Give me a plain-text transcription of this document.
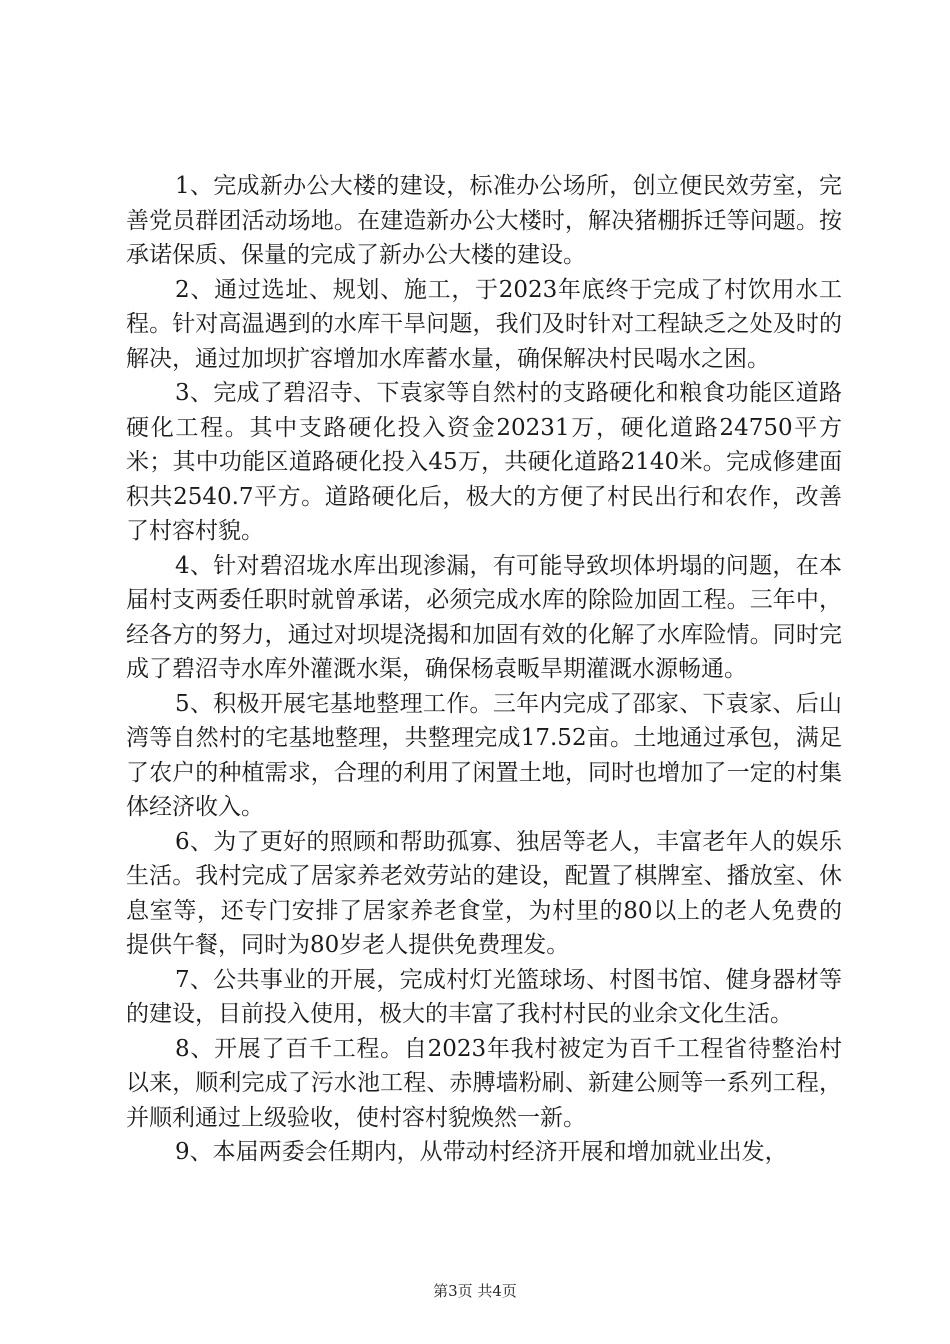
1、完成新办公大楼的建设，标准办公场所，创立便民效劳室，完善党员群团活动场地。在建造新办公大楼时，解决猪棚拆迁等问题。按承诺保质、保量的完成了新办公大楼的建设。

2、通过选址、规划、施工，于2023年底终于完成了村饮用水工程。针对高温遇到的水库干旱问题，我们及时针对工程缺乏之处及时的解决，通过加坝扩容增加水库蓄水量，确保解决村民喝水之困。

3、完成了碧沼寺、下袁家等自然村的支路硬化和粮食功能区道路硬化工程。其中支路硬化投入资金20231万，硬化道路24750平方米；其中功能区道路硬化投入45万，共硬化道路2140米。完成修建面积共2540.7平方。道路硬化后，极大的方便了村民出行和农作，改善了村容村貌。

4、针对碧沼垅水库出现渗漏，有可能导致坝体坍塌的问题，在本届村支两委任职时就曾承诺，必须完成水库的除险加固工程。三年中，经各方的努力，通过对坝堤浇揭和加固有效的化解了水库险情。同时完成了碧沼寺水库外灌溉水渠，确保杨袁畈旱期灌溉水源畅通。

5、积极开展宅基地整理工作。三年内完成了邵家、下袁家、后山湾等自然村的宅基地整理，共整理完成17.52亩。土地通过承包，满足了农户的种植需求，合理的利用了闲置土地，同时也增加了一定的村集体经济收入。

6、为了更好的照顾和帮助孤寡、独居等老人，丰富老年人的娱乐生活。我村完成了居家养老效劳站的建设，配置了棋牌室、播放室、休息室等，还专门安排了居家养老食堂，为村里的80以上的老人免费的提供午餐，同时为80岁老人提供免费理发。

7、公共事业的开展，完成村灯光篮球场、村图书馆、健身器材等的建设，目前投入使用，极大的丰富了我村村民的业余文化生活。

8、开展了百千工程。自2023年我村被定为百千工程省待整治村以来，顺利完成了污水池工程、赤膊墙粉刷、新建公厕等一系列工程，并顺利通过上级验收，使村容村貌焕然一新。

9、本届两委会任期内，从带动村经济开展和增加就业出发，

第3页 共4页
